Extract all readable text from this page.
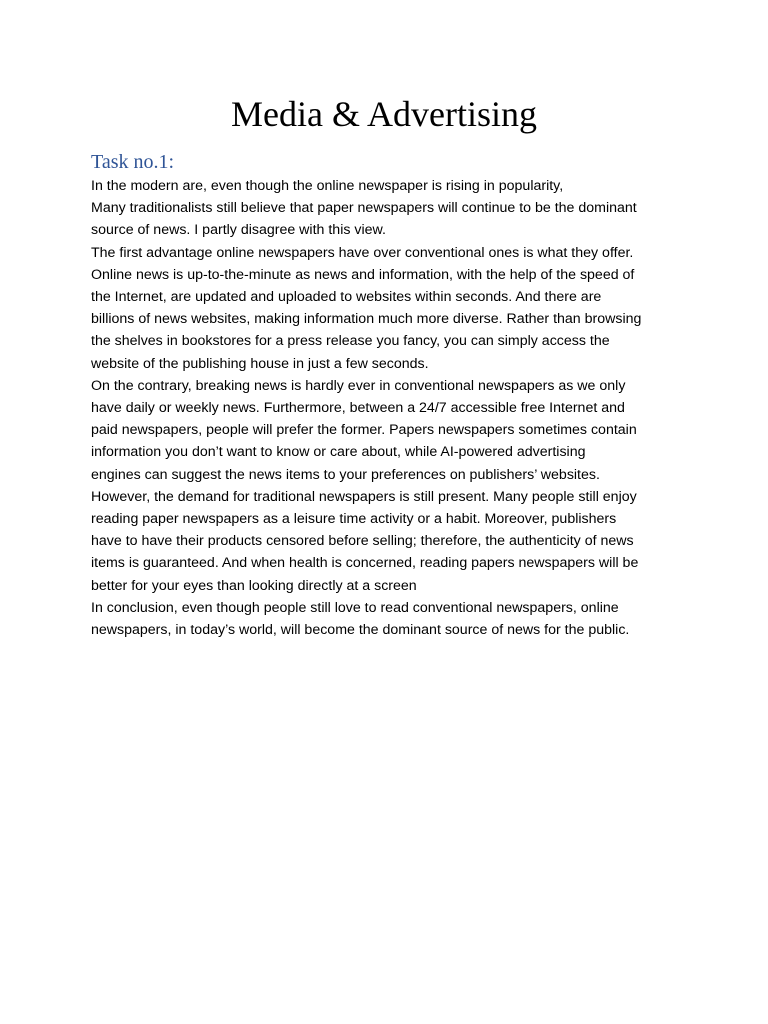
Media & Advertising
Task no.1:
In the modern are, even though the online newspaper is rising in popularity,
Many traditionalists still believe that paper newspapers will continue to be the dominant
source of news. I partly disagree with this view.
The first advantage online newspapers have over conventional ones is what they offer.
Online news is up-to-the-minute as news and information, with the help of the speed of
the Internet, are updated and uploaded to websites within seconds. And there are
billions of news websites, making information much more diverse. Rather than browsing
the shelves in bookstores for a press release you fancy, you can simply access the
website of the publishing house in just a few seconds.
On the contrary, breaking news is hardly ever in conventional newspapers as we only
have daily or weekly news. Furthermore, between a 24/7 accessible free Internet and
paid newspapers, people will prefer the former. Papers newspapers sometimes contain
information you don’t want to know or care about, while AI-powered advertising
engines can suggest the news items to your preferences on publishers’ websites.
However, the demand for traditional newspapers is still present. Many people still enjoy
reading paper newspapers as a leisure time activity or a habit. Moreover, publishers
have to have their products censored before selling; therefore, the authenticity of news
items is guaranteed. And when health is concerned, reading papers newspapers will be
better for your eyes than looking directly at a screen
In conclusion, even though people still love to read conventional newspapers, online
newspapers, in today’s world, will become the dominant source of news for the public.
